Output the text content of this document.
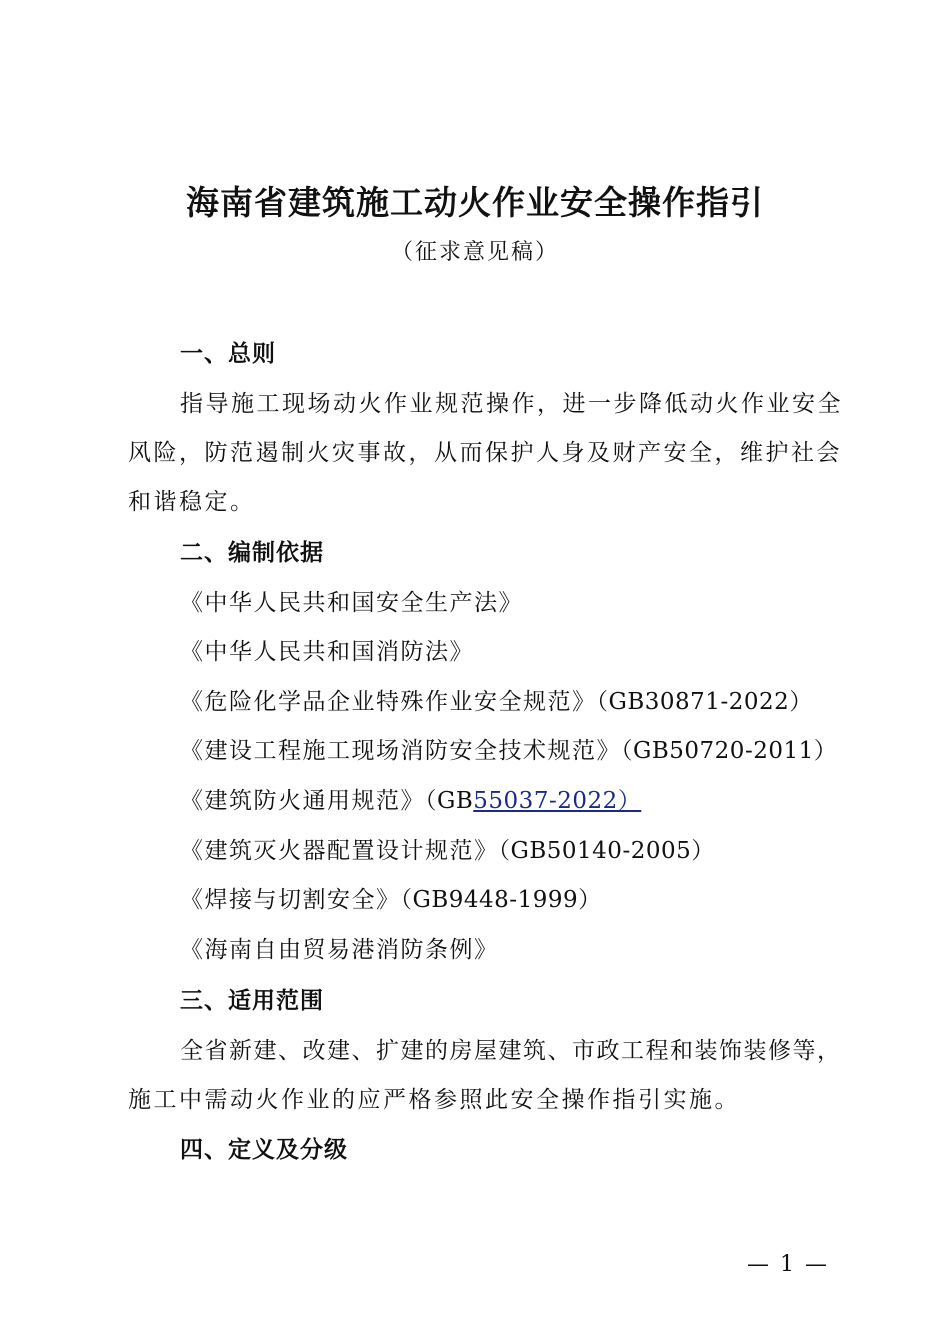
海南省建筑施工动火作业安全操作指引

（征求意见稿）

一、总则

指导施工现场动火作业规范操作，进一步降低动火作业安全

风险，防范遏制火灾事故，从而保护人身及财产安全，维护社会

和谐稳定。

二、编制依据

《中华人民共和国安全生产法》

《中华人民共和国消防法》

《危险化学品企业特殊作业安全规范》（GB30871-2022）

《建设工程施工现场消防安全技术规范》（GB50720-2011）

《建筑防火通用规范》（GB55037-2022）

《建筑灭火器配置设计规范》（GB50140-2005）

《焊接与切割安全》（GB9448-1999）

《海南自由贸易港消防条例》

三、适用范围

全省新建、改建、扩建的房屋建筑、市政工程和装饰装修等，

施工中需动火作业的应严格参照此安全操作指引实施。

四、定义及分级

— 1 —
